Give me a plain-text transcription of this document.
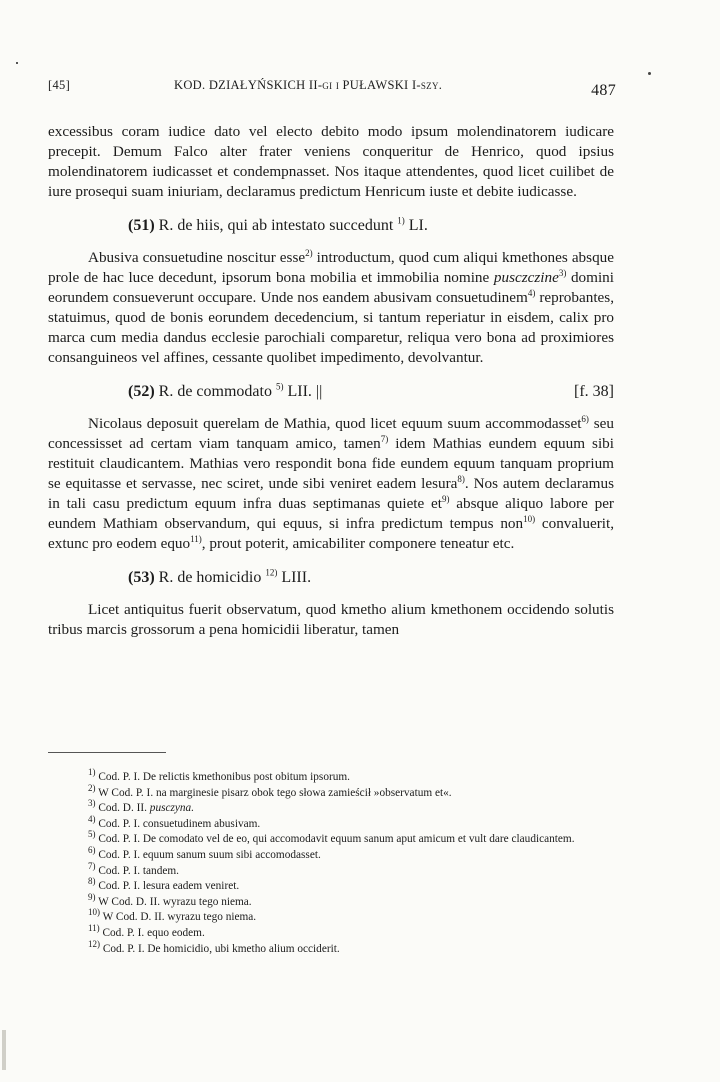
[45]	KOD. DZIAŁYŃSKICH II-gi i PUŁAWSKI I-szy.	487

excessibus coram iudice dato vel electo debito modo ipsum molendinatorem iudicare precepit. Demum Falco alter frater veniens conqueritur de Henrico, quod ipsius molendinatorem iudicasset et condempnasset. Nos itaque attendentes, quod licet cuilibet de iure prosequi suam iniuriam, declaramus predictum Henricum iuste et debite iudicasse.

(51) R. de hiis, qui ab intestato succedunt $^{1)}$ LI.

Abusiva consuetudine noscitur esse$^{2)}$ introductum, quod cum aliqui kmethones absque prole de hac luce decedunt, ipsorum bona mobilia et immobilia nomine pusczczine$^{3)}$ domini eorundem consueverunt occupare. Unde nos eandem abusivam consuetudinem$^{4)}$ reprobantes, statuimus, quod de bonis eorundem decedencium, si tantum reperiatur in eisdem, calix pro marca cum media dandus ecclesie parochiali comparetur, reliqua vero bona ad proximiores consanguineos vel affines, cessante quolibet impedimento, devolvantur.

(52) R. de commodato $^{5)}$ LII. ||	[f. 38]

Nicolaus deposuit querelam de Mathia, quod licet equum suum accommodasset$^{6)}$ seu concessisset ad certam viam tanquam amico, tamen$^{7)}$ idem Mathias eundem equum sibi restituit claudicantem. Mathias vero respondit bona fide eundem equum tanquam proprium se equitasse et servasse, nec sciret, unde sibi veniret eadem lesura$^{8)}$. Nos autem declaramus in tali casu predictum equum infra duas septimanas quiete $et^{9)}$ absque aliquo labore per eundem Mathiam observandum, qui equus, si infra predictum tempus non$^{10)}$ convaluerit, extunc pro eodem equo$^{11)}$, prout poterit, amicabiliter componere teneatur etc.

(53) R. de homicidio $^{12)}$ LIII.

Licet antiquitus fuerit observatum, quod kmetho alium kmethonem occidendo solutis tribus marcis grossorum a pena homicidii liberatur, tamen

$^{1)}$ Cod. P. I. De relictis kmethonibus post obitum ipsorum.
$^{2)}$ W Cod. P. I. na marginesie pisarz obok tego słowa zamieścił »observatum et«.
$^{3)}$ Cod. D. II. pusczyna.
$^{4)}$ Cod. P. I. consuetudinem abusivam.
$^{5)}$ Cod. P. I. De comodato vel de eo, qui accomodavit equum sanum aput amicum et vult dare claudicantem.
$^{6)}$ Cod. P. I. equum sanum suum sibi accomodasset.
$^{7)}$ Cod. P. I. tandem.
$^{8)}$ Cod. P. I. lesura eadem veniret.
$^{9)}$ W Cod. D. II. wyrazu tego niema.
$^{10)}$ W Cod. D. II. wyrazu tego niema.
$^{11)}$ Cod. P. I. equo eodem.
$^{12)}$ Cod. P. I. De homicidio, ubi kmetho alium occiderit.
